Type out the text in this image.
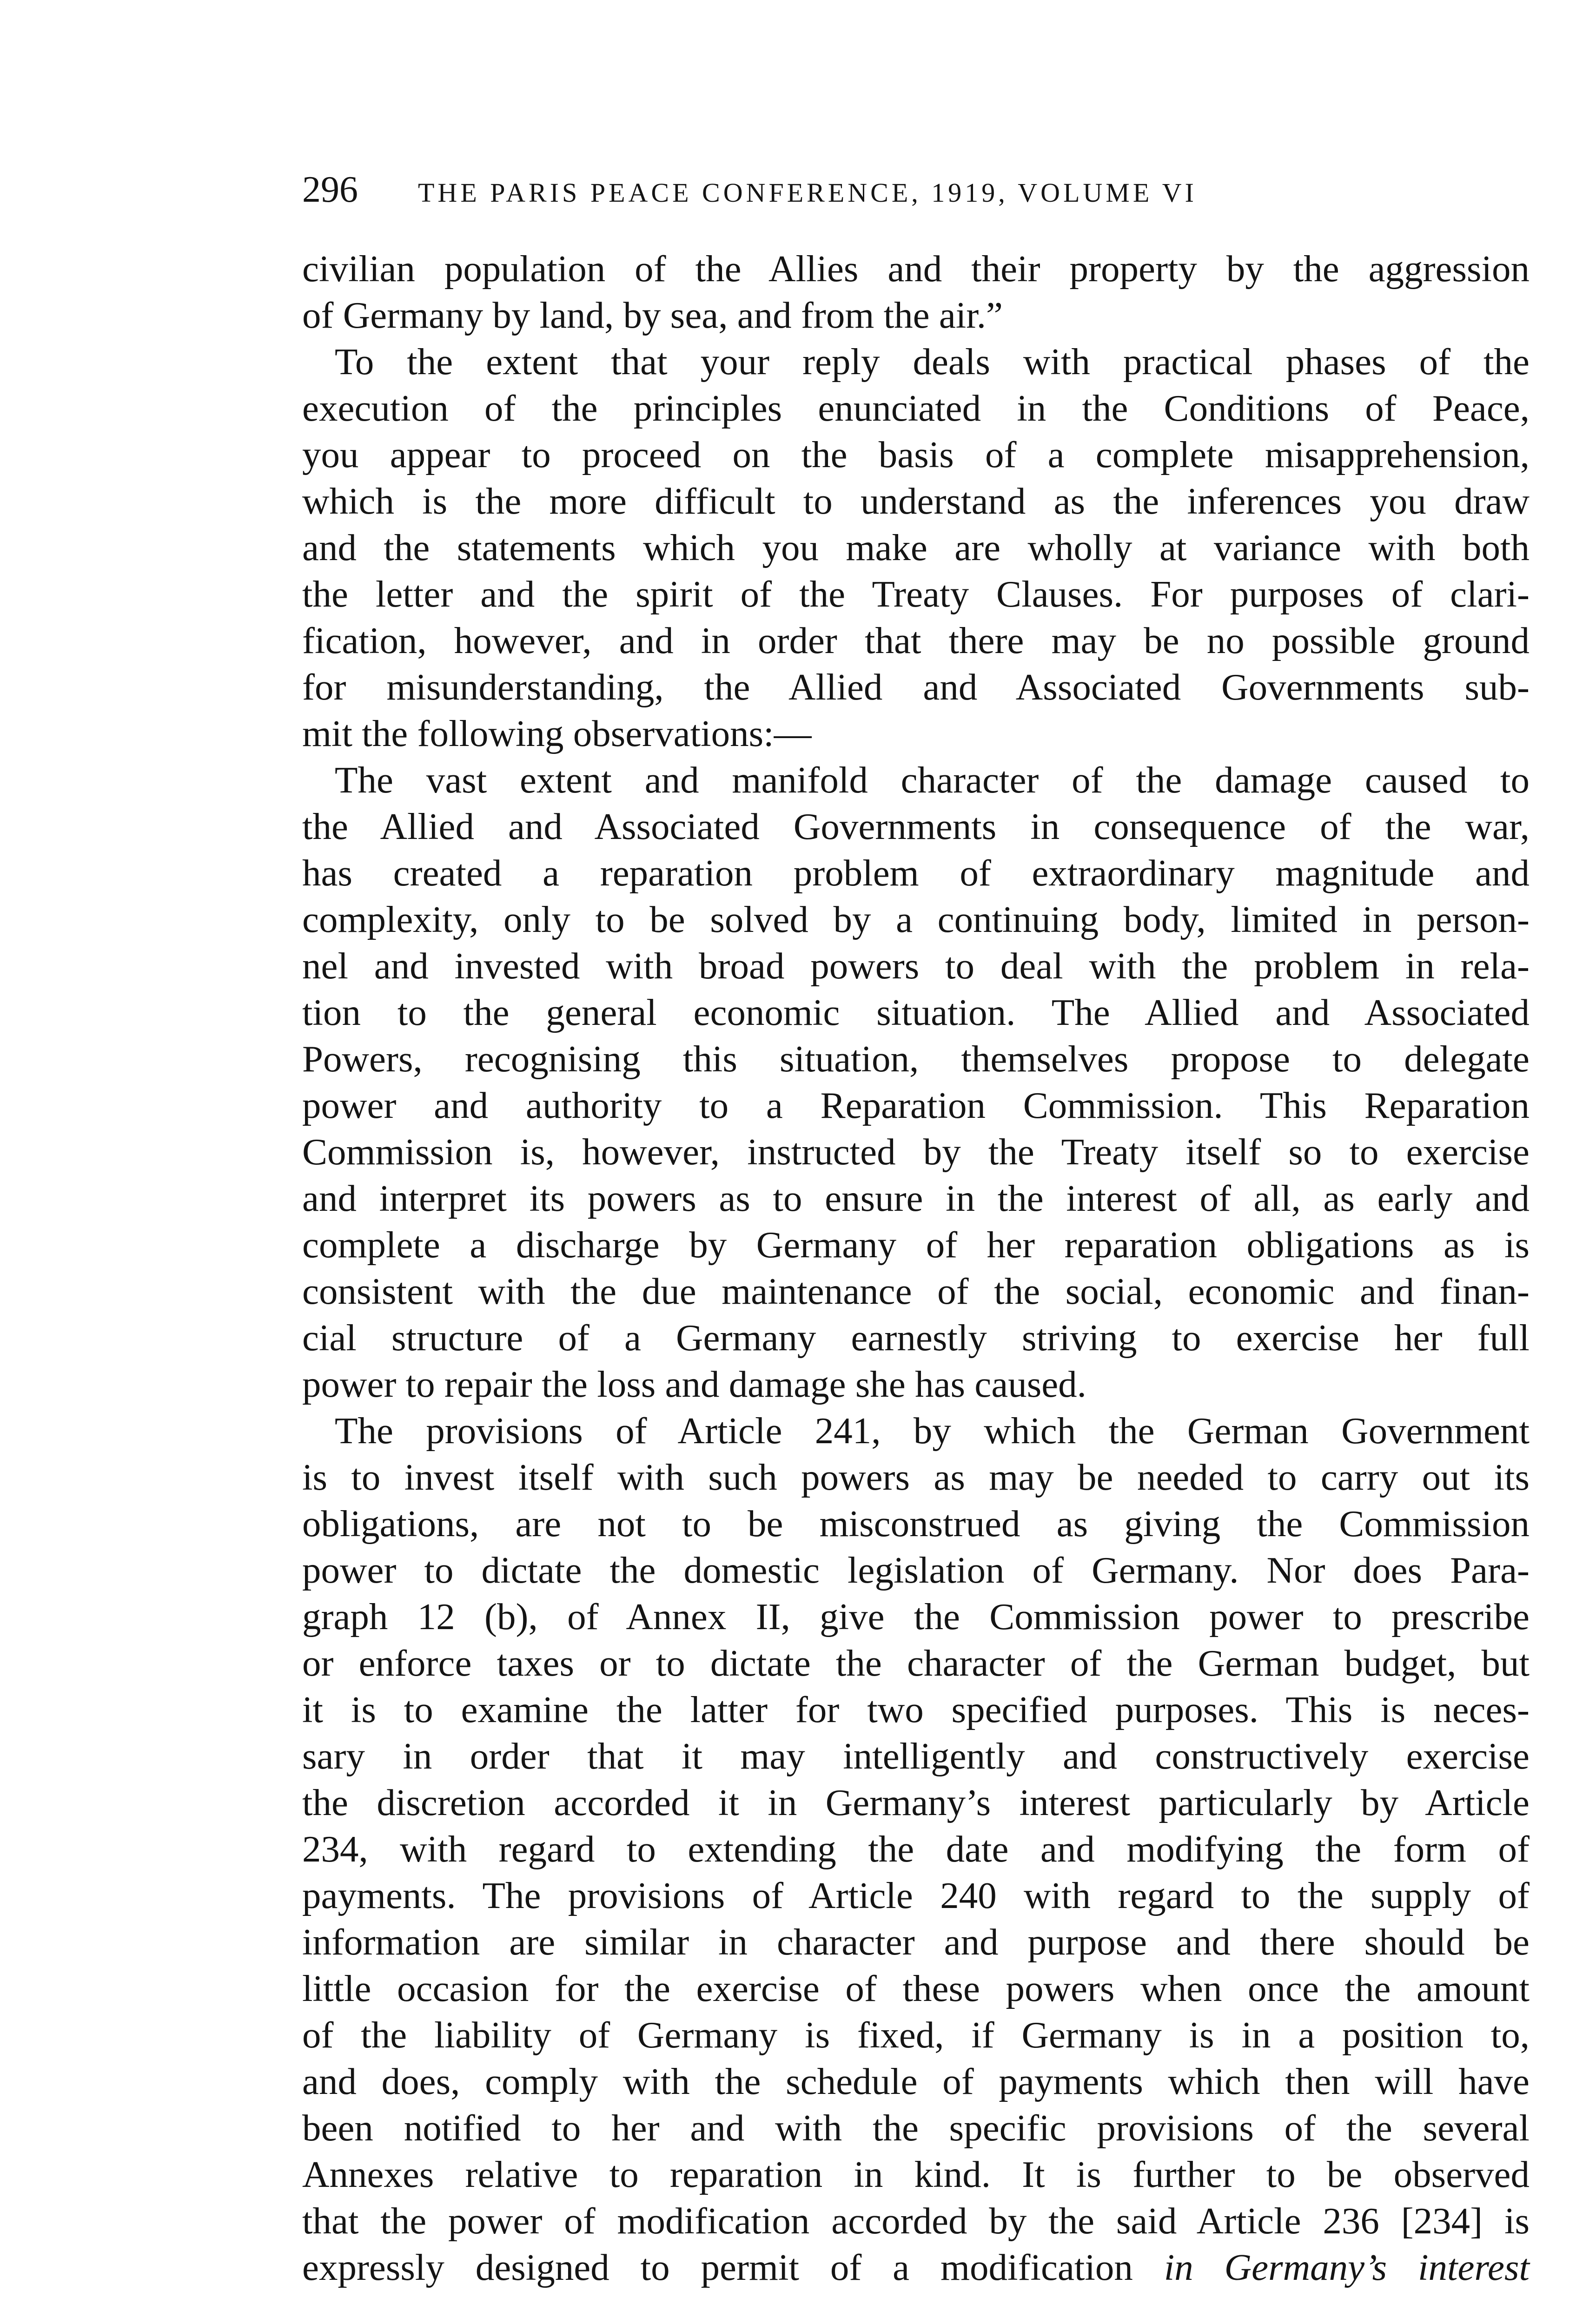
296 THE PARIS PEACE CONFERENCE, 1919, VOLUME VI
civilian population of the Allies and their property by the aggression
of Germany by land, by sea, and from the air.”
To the extent that your reply deals with practical phases of the
execution of the principles enunciated in the Conditions of Peace,
you appear to proceed on the basis of a complete misapprehension,
which is the more difficult to understand as the inferences you draw
and the statements which you make are wholly at variance with both
the letter and the spirit of the Treaty Clauses. For purposes of clari-
fication, however, and in order that there may be no possible ground
for misunderstanding, the Allied and Associated Governments sub-
mit the following observations:—
The vast extent and manifold character of the damage caused to
the Allied and Associated Governments in consequence of the war,
has created a reparation problem of extraordinary magnitude and
complexity, only to be solved by a continuing body, limited in person-
nel and invested with broad powers to deal with the problem in rela-
tion to the general economic situation. The Allied and Associated
Powers, recognising this situation, themselves propose to delegate
power and authority to a Reparation Commission. This Reparation
Commission is, however, instructed by the Treaty itself so to exercise
and interpret its powers as to ensure in the interest of all, as early and
complete a discharge by Germany of her reparation obligations as is
consistent with the due maintenance of the social, economic and finan-
cial structure of a Germany earnestly striving to exercise her full
power to repair the loss and damage she has caused.
The provisions of Article 241, by which the German Government
is to invest itself with such powers as may be needed to carry out its
obligations, are not to be misconstrued as giving the Commission
power to dictate the domestic legislation of Germany. Nor does Para-
graph 12 (b), of Annex II, give the Commission power to prescribe
or enforce taxes or to dictate the character of the German budget, but
it is to examine the latter for two specified purposes. This is neces-
sary in order that it may intelligently and constructively exercise
the discretion accorded it in Germany’s interest particularly by Article
234, with regard to extending the date and modifying the form of
payments. The provisions of Article 240 with regard to the supply of
information are similar in character and purpose and there should be
little occasion for the exercise of these powers when once the amount
of the liability of Germany is fixed, if Germany is in a position to,
and does, comply with the schedule of payments which then will have
been notified to her and with the specific provisions of the several
Annexes relative to reparation in kind. It is further to be observed
that the power of modification accorded by the said Article 236 [234] is
expressly designed to permit of a modification in Germany’s interest
